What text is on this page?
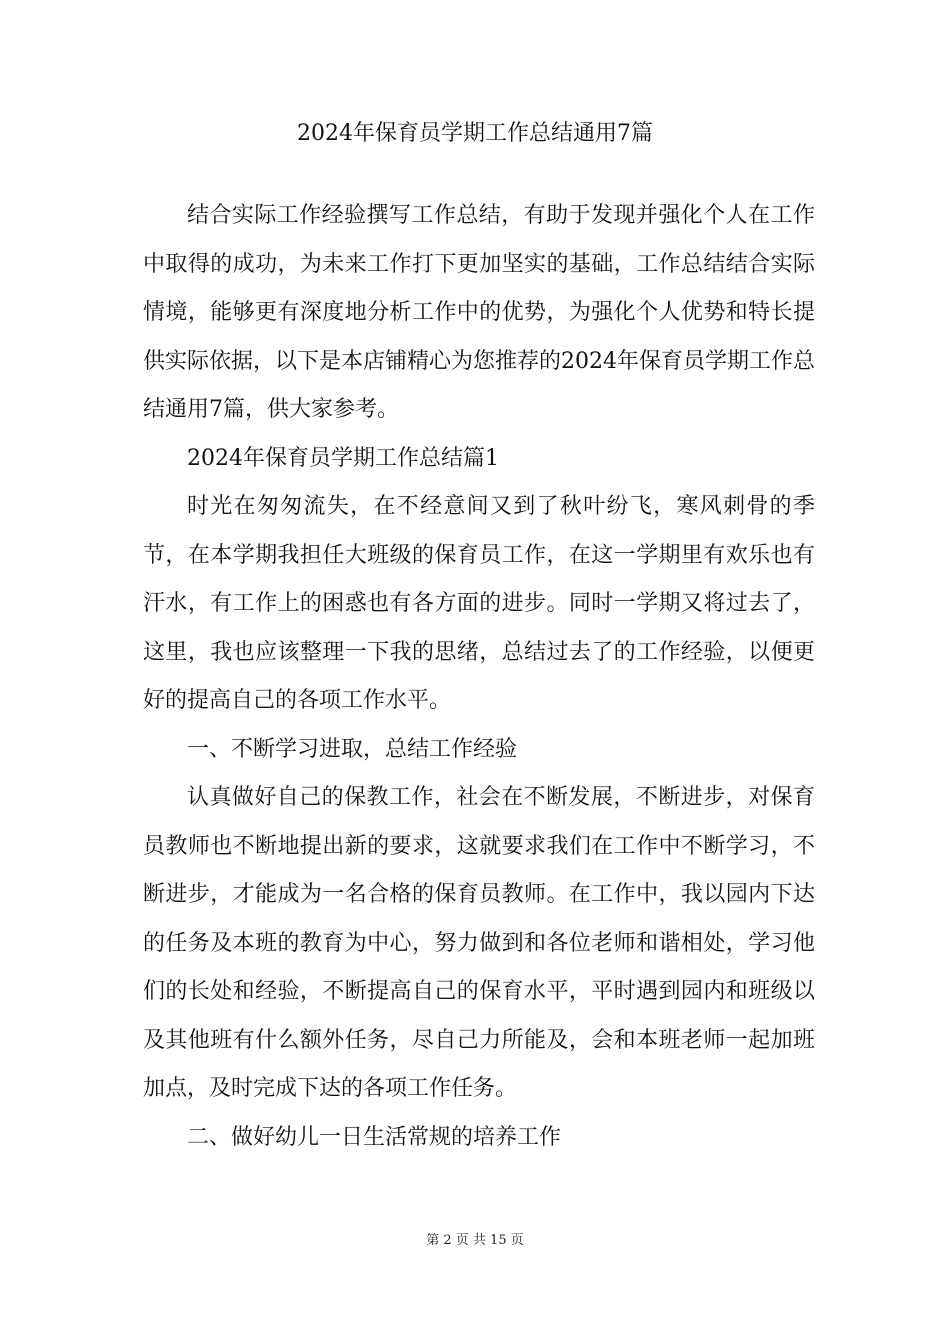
2024年保育员学期工作总结通用7篇

结合实际工作经验撰写工作总结，有助于发现并强化个人在工作中取得的成功，为未来工作打下更加坚实的基础，工作总结结合实际情境，能够更有深度地分析工作中的优势，为强化个人优势和特长提供实际依据，以下是本店铺精心为您推荐的2024年保育员学期工作总结通用7篇，供大家参考。

2024年保育员学期工作总结篇1

时光在匆匆流失，在不经意间又到了秋叶纷飞，寒风刺骨的季节，在本学期我担任大班级的保育员工作，在这一学期里有欢乐也有汗水，有工作上的困惑也有各方面的进步。同时一学期又将过去了，这里，我也应该整理一下我的思绪，总结过去了的工作经验，以便更好的提高自己的各项工作水平。

一、不断学习进取，总结工作经验

认真做好自己的保教工作，社会在不断发展，不断进步，对保育员教师也不断地提出新的要求，这就要求我们在工作中不断学习，不断进步，才能成为一名合格的保育员教师。在工作中，我以园内下达的任务及本班的教育为中心，努力做到和各位老师和谐相处，学习他们的长处和经验，不断提高自己的保育水平，平时遇到园内和班级以及其他班有什么额外任务，尽自己力所能及，会和本班老师一起加班加点，及时完成下达的各项工作任务。

二、做好幼儿一日生活常规的培养工作

第 2 页 共 15 页
